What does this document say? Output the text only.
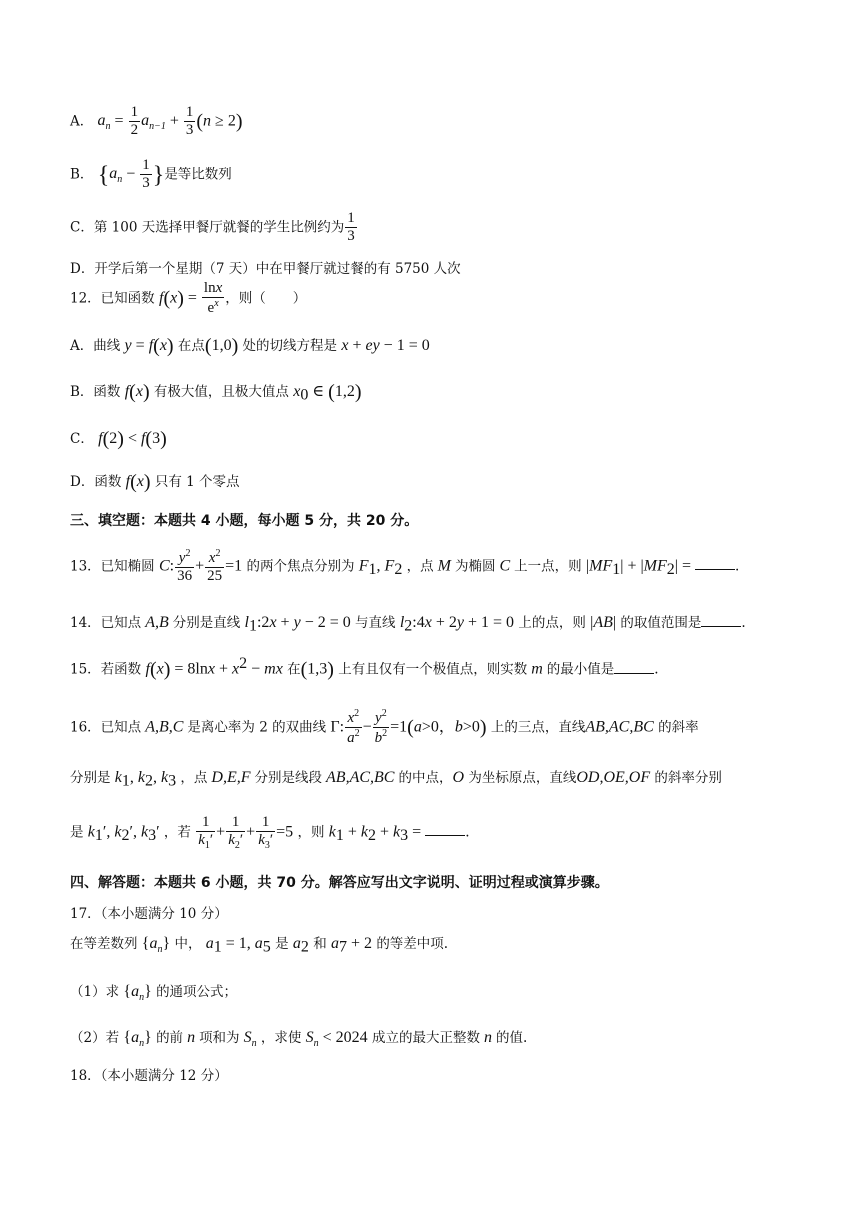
A． $a_n = \frac{1}{2} a_{n-1} + \frac{1}{3} (n \ge 2)$
B． {$a_n - \frac{1}{3}$ }是等比数列
C．第 100 天选择甲餐厅就餐的学生比例约为 $\frac{1}{3}$
D．开学后第一个星期（7 天）中在甲餐厅就过餐的有 5750 人次
12．已知函数 $f(x) = \frac{\ln x}{e^x}$ ，则（　　）
A．曲线 y = f(x) 在点(1,0) 处的切线方程是 x + ey − 1 = 0
B．函数 f(x) 有极大值，且极大值点 $x_0$ ∈ (1,2)
C． f(2) < f(3)
D．函数 f(x) 只有 1 个零点
三、填空题：本题共 4 小题，每小题 5 分，共 20 分。
13．已知椭圆 C: $\frac{y^2}{36} + \frac{x^2}{25} =1$ 的两个焦点分别为 $F_1$, $F_2$ ，点 M 为椭圆 C 上一点，则 $|MF_1| + |MF_2|$ =	.
14．已知点 A,B 分别是直线 $l_1:2x + y - 2 = 0$ 与直线 $l_2:4x + 2y + 1 = 0$ 上的点，则 |AB| 的取值范围是	.
15．若函数 $f(x) = 8\ln x + x^2$ − mx 在(1,3) 上有且仅有一个极值点，则实数 m 的最小值是	.
16．已知点 A,B,C 是离心率为 2 的双曲线 Γ: $\frac{x^2}{a^2} - \frac{y^2}{b^2} =1(a>0$，b>0) 上的三点，直线AB,AC,BC 的斜率
分别是 $k_1$, $k_2$, $k_3$ ，点 D,E,F 分别是线段 AB,AC,BC 的中点，O 为坐标原点，直线OD,OE,OF 的斜率分别
是 $k_1'$, $k_2'$, $k_3'$ ，若 $\frac{1}{k_1'} + \frac{1}{k_2'} + \frac{1}{k_3'} =5$ ，则 $k_1 + k_2 + k_3$ =	.
四、解答题：本题共 6 小题，共 70 分。解答应写出文字说明、证明过程或演算步骤。
17．（本小题满分 10 分）
在等差数列 $\{a_n\}$ 中， $a_1 = 1$, $a_5$ 是 $a_2$ 和 $a_7 + 2$ 的等差中项.
（1）求 $\{a_n\}$ 的通项公式；
（2）若 $\{a_n\}$ 的前 n 项和为 $S_n$ ，求使 $S_n < 2024$ 成立的最大正整数 n 的值.
18．（本小题满分 12 分）
